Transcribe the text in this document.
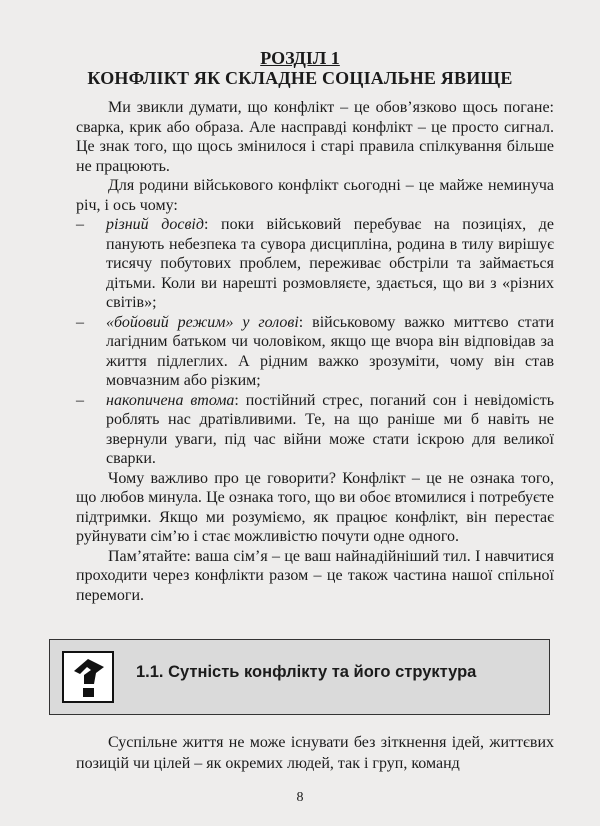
РОЗДІЛ 1
КОНФЛІКТ ЯК СКЛАДНЕ СОЦІАЛЬНЕ ЯВИЩЕ

Ми звикли думати, що конфлікт – це обов’язково щось погане: сварка, крик або образа. Але насправді конфлікт – це просто сигнал. Це знак того, що щось змінилося і старі правила спілкування більше не працюють.

Для родини військового конфлікт сьогодні – це майже неминуча річ, і ось чому:

–	різний досвід: поки військовий перебуває на позиціях, де панують небезпека та сувора дисципліна, родина в тилу вирішує тисячу побутових проблем, переживає обстріли та займається дітьми. Коли ви нарешті розмовляєте, здається, що ви з «різних світів»;
–	«бойовий режим» у голові: військовому важко миттєво стати лагідним батьком чи чоловіком, якщо ще вчора він відповідав за життя підлеглих. А рідним важко зрозуміти, чому він став мовчазним або різким;
–	накопичена втома: постійний стрес, поганий сон і невідомість роблять нас дратівливими. Те, на що раніше ми б навіть не звернули уваги, під час війни може стати іскрою для великої сварки.

Чому важливо про це говорити? Конфлікт – це не ознака того, що любов минула. Це ознака того, що ви обоє втомилися і потребуєте підтримки. Якщо ми розуміємо, як працює конфлікт, він перестає руйнувати сім’ю і стає можливістю почути одне одного.

Пам’ятайте: ваша сім’я – це ваш найнадійніший тил. І навчитися проходити через конфлікти разом – це також частина нашої спільної перемоги.

1.1. Сутність конфлікту та його структура

Суспільне життя не може існувати без зіткнення ідей, життєвих позицій чи цілей – як окремих людей, так і груп, команд

8
